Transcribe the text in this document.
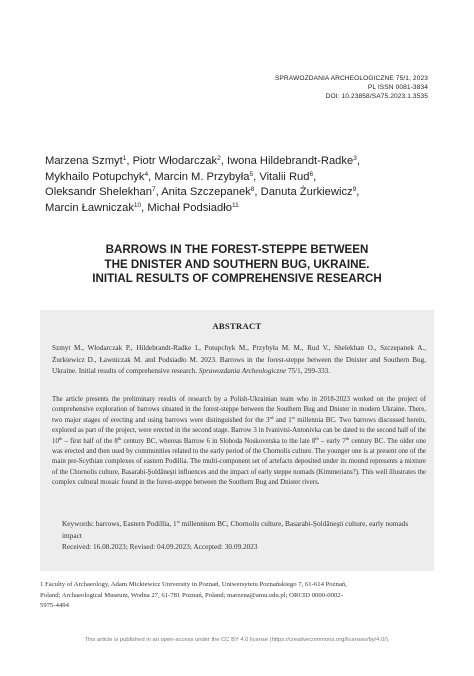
SPRAWOZDANIA ARCHEOLOGICZNE 75/1, 2023
PL ISSN 0081-3834
DOI: 10.23858/SA75.2023.1.3535
Marzena Szmyt$^1$, Piotr Włodarczak$^2$, Iwona Hildebrandt-Radke$^3$,
Mykhailo Potupchyk$^4$, Marcin M. Przybyła$^5$, Vitalii Rud$^6$,
Oleksandr Shelekhan$^7$, Anita Szczepanek$^8$, Danuta Żurkiewicz$^9$,
Marcin Ławniczak$^{10}$, Michał Podsiadło$^{11}$
BARROWS IN THE FOREST-STEPPE BETWEEN
THE DNISTER AND SOUTHERN BUG, UKRAINE.
INITIAL RESULTS OF COMPREHENSIVE RESEARCH
ABSTRACT
Szmyt M., Włodarczak P., Hildebrandt-Radke I., Potupchyk M., Przybyła M. M., Rud V., Shelekhan O., Szczepanek A., Żurkiewicz D., Ławniczak M. and Podsiadło M. 2023. Barrows in the forest-steppe between the Dnister and Southern Bug, Ukraine. Initial results of comprehensive research. Sprawozdania Archeologiczne 75/1, 299-333.
The article presents the preliminary results of research by a Polish-Ukrainian team who in 2018-2023 worked on the project of comprehensive exploration of barrows situated in the forest-steppe between the Southern Bug and Dnister in modern Ukraine. There, two major stages of erecting and using barrows were distinguished for the 3rd and 1st millennia BC. Two barrows discussed herein, explored as part of the project, were erected in the second stage. Barrow 3 in Ivanivtsi-Antonivka can be dated to the second half of the 10th – first half of the 8th century BC, whereas Barrow 6 in Sloboda Noskovetska to the late 8th – early 7th century BC. The older one was erected and then used by communities related to the early period of the Chornolis culture. The younger one is at present one of the main pre-Scythian complexes of eastern Podillia. The multi-component set of artefacts deposited under its mound represents a mixture of the Chornolis culture, Basarabi-Şoldăneşti influences and the impact of early steppe nomads (Kimmerians?). This well illustrates the complex cultural mosaic found in the forest-steppe between the Southern Bug and Dnister rivers.
Keywords: barrows, Eastern Podillia, 1st millennium BC, Chornolis culture, Basarabi-Şoldăneşti culture, early nomads impact
Received: 16.08.2023; Revised: 04.09.2023; Accepted: 30.09.2023
1 Faculty of Archaeology, Adam Mickiewicz University in Poznań, Uniwersytetu Poznańskiego 7, 61-614 Poznań,
Poland; Archaeological Museum, Wodna 27, 61-781 Poznań, Poland; marzena@amu.edu.pl; ORCID 0000-0002-
5975-4494
This article is published in an open-access under the CC BY 4.0 license (https://creativecommons.org/licenses/by/4.0/).
